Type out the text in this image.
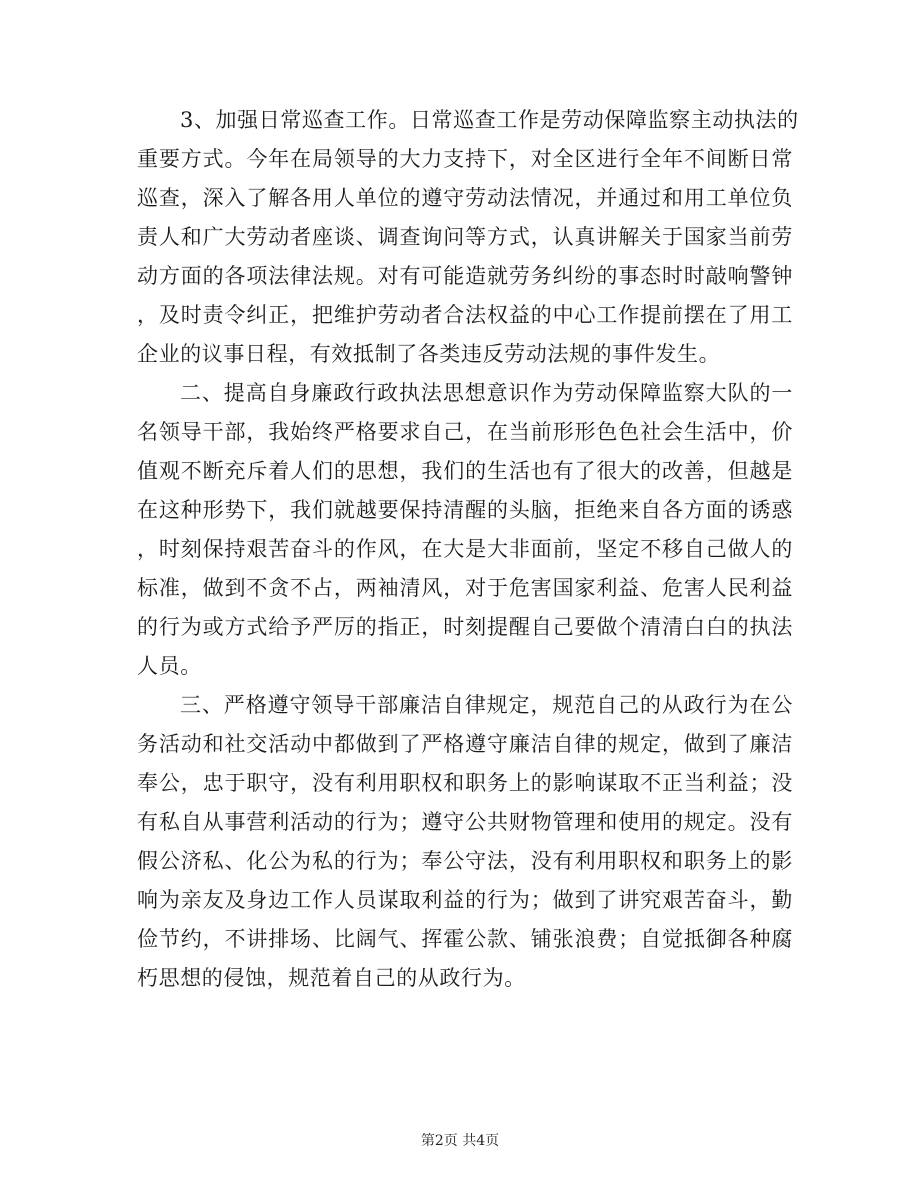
3、加强日常巡查工作。日常巡查工作是劳动保障监察主动执法的
重要方式。今年在局领导的大力支持下，对全区进行全年不间断日常
巡查，深入了解各用人单位的遵守劳动法情况，并通过和用工单位负
责人和广大劳动者座谈、调查询问等方式，认真讲解关于国家当前劳
动方面的各项法律法规。对有可能造就劳务纠纷的事态时时敲响警钟
，及时责令纠正，把维护劳动者合法权益的中心工作提前摆在了用工
企业的议事日程，有效抵制了各类违反劳动法规的事件发生。
二、提高自身廉政行政执法思想意识作为劳动保障监察大队的一
名领导干部，我始终严格要求自己，在当前形形色色社会生活中，价
值观不断充斥着人们的思想，我们的生活也有了很大的改善，但越是
在这种形势下，我们就越要保持清醒的头脑，拒绝来自各方面的诱惑
，时刻保持艰苦奋斗的作风，在大是大非面前，坚定不移自己做人的
标准，做到不贪不占，两袖清风，对于危害国家利益、危害人民利益
的行为或方式给予严厉的指正，时刻提醒自己要做个清清白白的执法
人员。
三、严格遵守领导干部廉洁自律规定，规范自己的从政行为在公
务活动和社交活动中都做到了严格遵守廉洁自律的规定，做到了廉洁
奉公，忠于职守，没有利用职权和职务上的影响谋取不正当利益；没
有私自从事营利活动的行为；遵守公共财物管理和使用的规定。没有
假公济私、化公为私的行为；奉公守法，没有利用职权和职务上的影
响为亲友及身边工作人员谋取利益的行为；做到了讲究艰苦奋斗，勤
俭节约，不讲排场、比阔气、挥霍公款、铺张浪费；自觉抵御各种腐
朽思想的侵蚀，规范着自己的从政行为。
第2页 共4页
